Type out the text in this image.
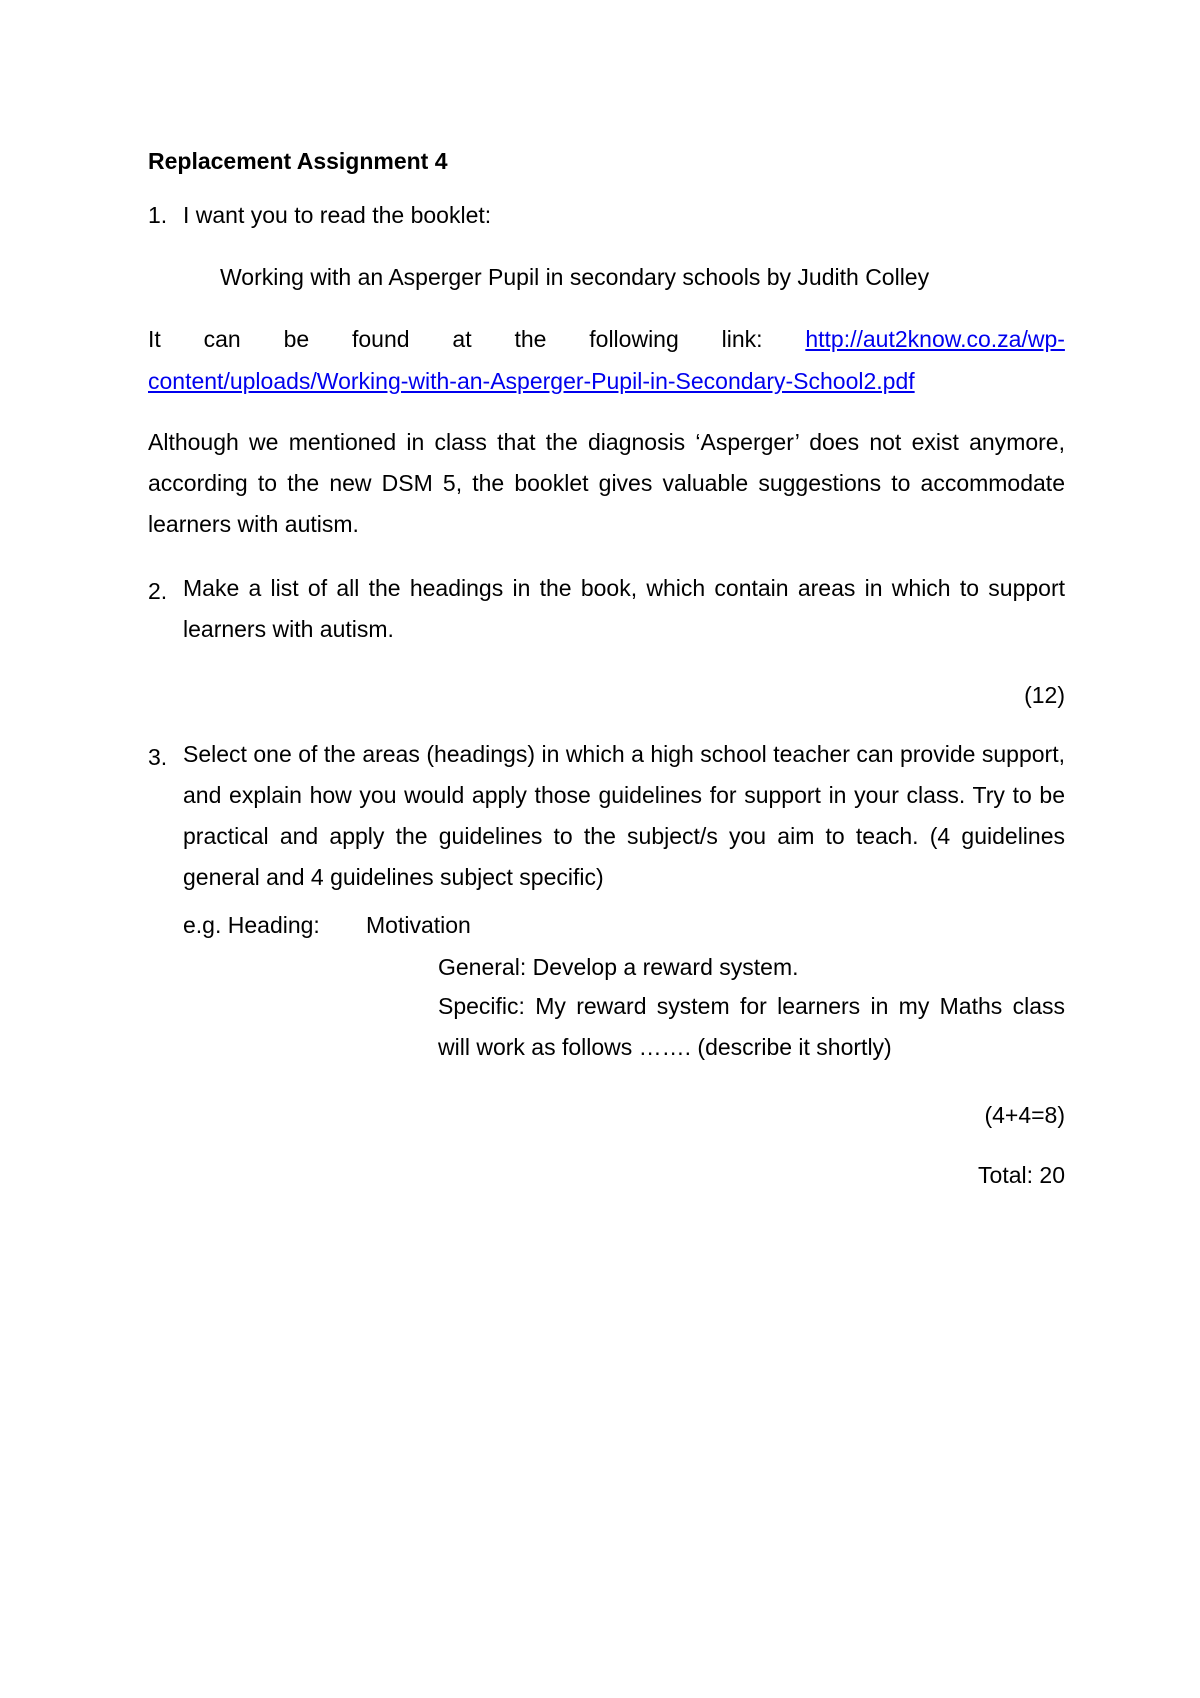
Replacement Assignment 4
1. I want you to read the booklet:
Working with an Asperger Pupil in secondary schools by Judith Colley
It can be found at the following link: http://aut2know.co.za/wp-
content/uploads/Working-with-an-Asperger-Pupil-in-Secondary-School2.pdf
Although we mentioned in class that the diagnosis ‘Asperger’ does not exist anymore, according to the new DSM 5, the booklet gives valuable suggestions to accommodate learners with autism.
2. Make a list of all the headings in the book, which contain areas in which to support learners with autism.
(12)
3. Select one of the areas (headings) in which a high school teacher can provide support, and explain how you would apply those guidelines for support in your class. Try to be practical and apply the guidelines to the subject/s you aim to teach. (4 guidelines general and 4 guidelines subject specific)
e.g. Heading: Motivation
General: Develop a reward system.
Specific: My reward system for learners in my Maths class will work as follows ……. (describe it shortly)
(4+4=8)
Total: 20
